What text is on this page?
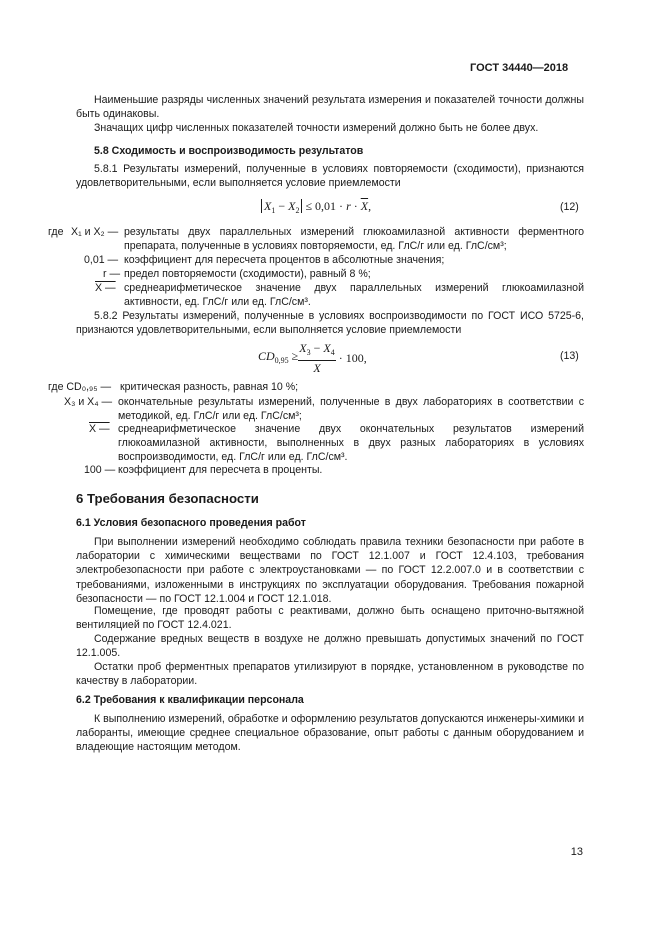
ГОСТ 34440—2018
Наименьшие разряды численных значений результата измерения и показателей точности должны быть одинаковы.
Значащих цифр численных показателей точности измерений должно быть не более двух.
5.8 Сходимость и воспроизводимость результатов
5.8.1 Результаты измерений, полученные в условиях повторяемости (сходимости), признаются удовлетворительными, если выполняется условие приемлемости
$X_1 - X_2 \le 0,01 \cdot r \cdot \overline{X}$,	(12)
где X₁ и X₂ — результаты двух параллельных измерений глюкоамилазной активности ферментного препарата, полученные в условиях повторяемости, ед. ГлС/г или ед. ГлС/см³;
0,01 — коэффициент для пересчета процентов в абсолютные значения;
r — предел повторяемости (сходимости), равный 8 %;
X — среднеарифметическое значение двух параллельных измерений глюкоамилазной активности, ед. ГлС/г или ед. ГлС/см³.
5.8.2 Результаты измерений, полученные в условиях воспроизводимости по ГОСТ ИСО 5725-6, признаются удовлетворительными, если выполняется условие приемлемости
$CD_{0,95} \ge \frac{X_3 - X_4}{X} \cdot 100$,	(13)
где CD₀,₉₅ — критическая разность, равная 10 %;
X₃ и X₄ — окончательные результаты измерений, полученные в двух лабораториях в соответствии с методикой, ед. ГлС/г или ед. ГлС/см³;
X — среднеарифметическое значение двух окончательных результатов измерений глюкоамилазной активности, выполненных в двух разных лабораториях в условиях воспроизводимости, ед. ГлС/г или ед. ГлС/см³.
100 — коэффициент для пересчета в проценты.
6 Требования безопасности
6.1 Условия безопасного проведения работ
При выполнении измерений необходимо соблюдать правила техники безопасности при работе в лаборатории с химическими веществами по ГОСТ 12.1.007 и ГОСТ 12.4.103, требования электробезопасности при работе с электроустановками — по ГОСТ 12.2.007.0 и в соответствии с требованиями, изложенными в инструкциях по эксплуатации оборудования. Требования пожарной безопасности — по ГОСТ 12.1.004 и ГОСТ 12.1.018.
Помещение, где проводят работы с реактивами, должно быть оснащено приточно-вытяжной вентиляцией по ГОСТ 12.4.021.
Содержание вредных веществ в воздухе не должно превышать допустимых значений по ГОСТ 12.1.005.
Остатки проб ферментных препаратов утилизируют в порядке, установленном в руководстве по качеству в лаборатории.
6.2 Требования к квалификации персонала
К выполнению измерений, обработке и оформлению результатов допускаются инженеры-химики и лаборанты, имеющие среднее специальное образование, опыт работы с данным оборудованием и владеющие настоящим методом.
13
